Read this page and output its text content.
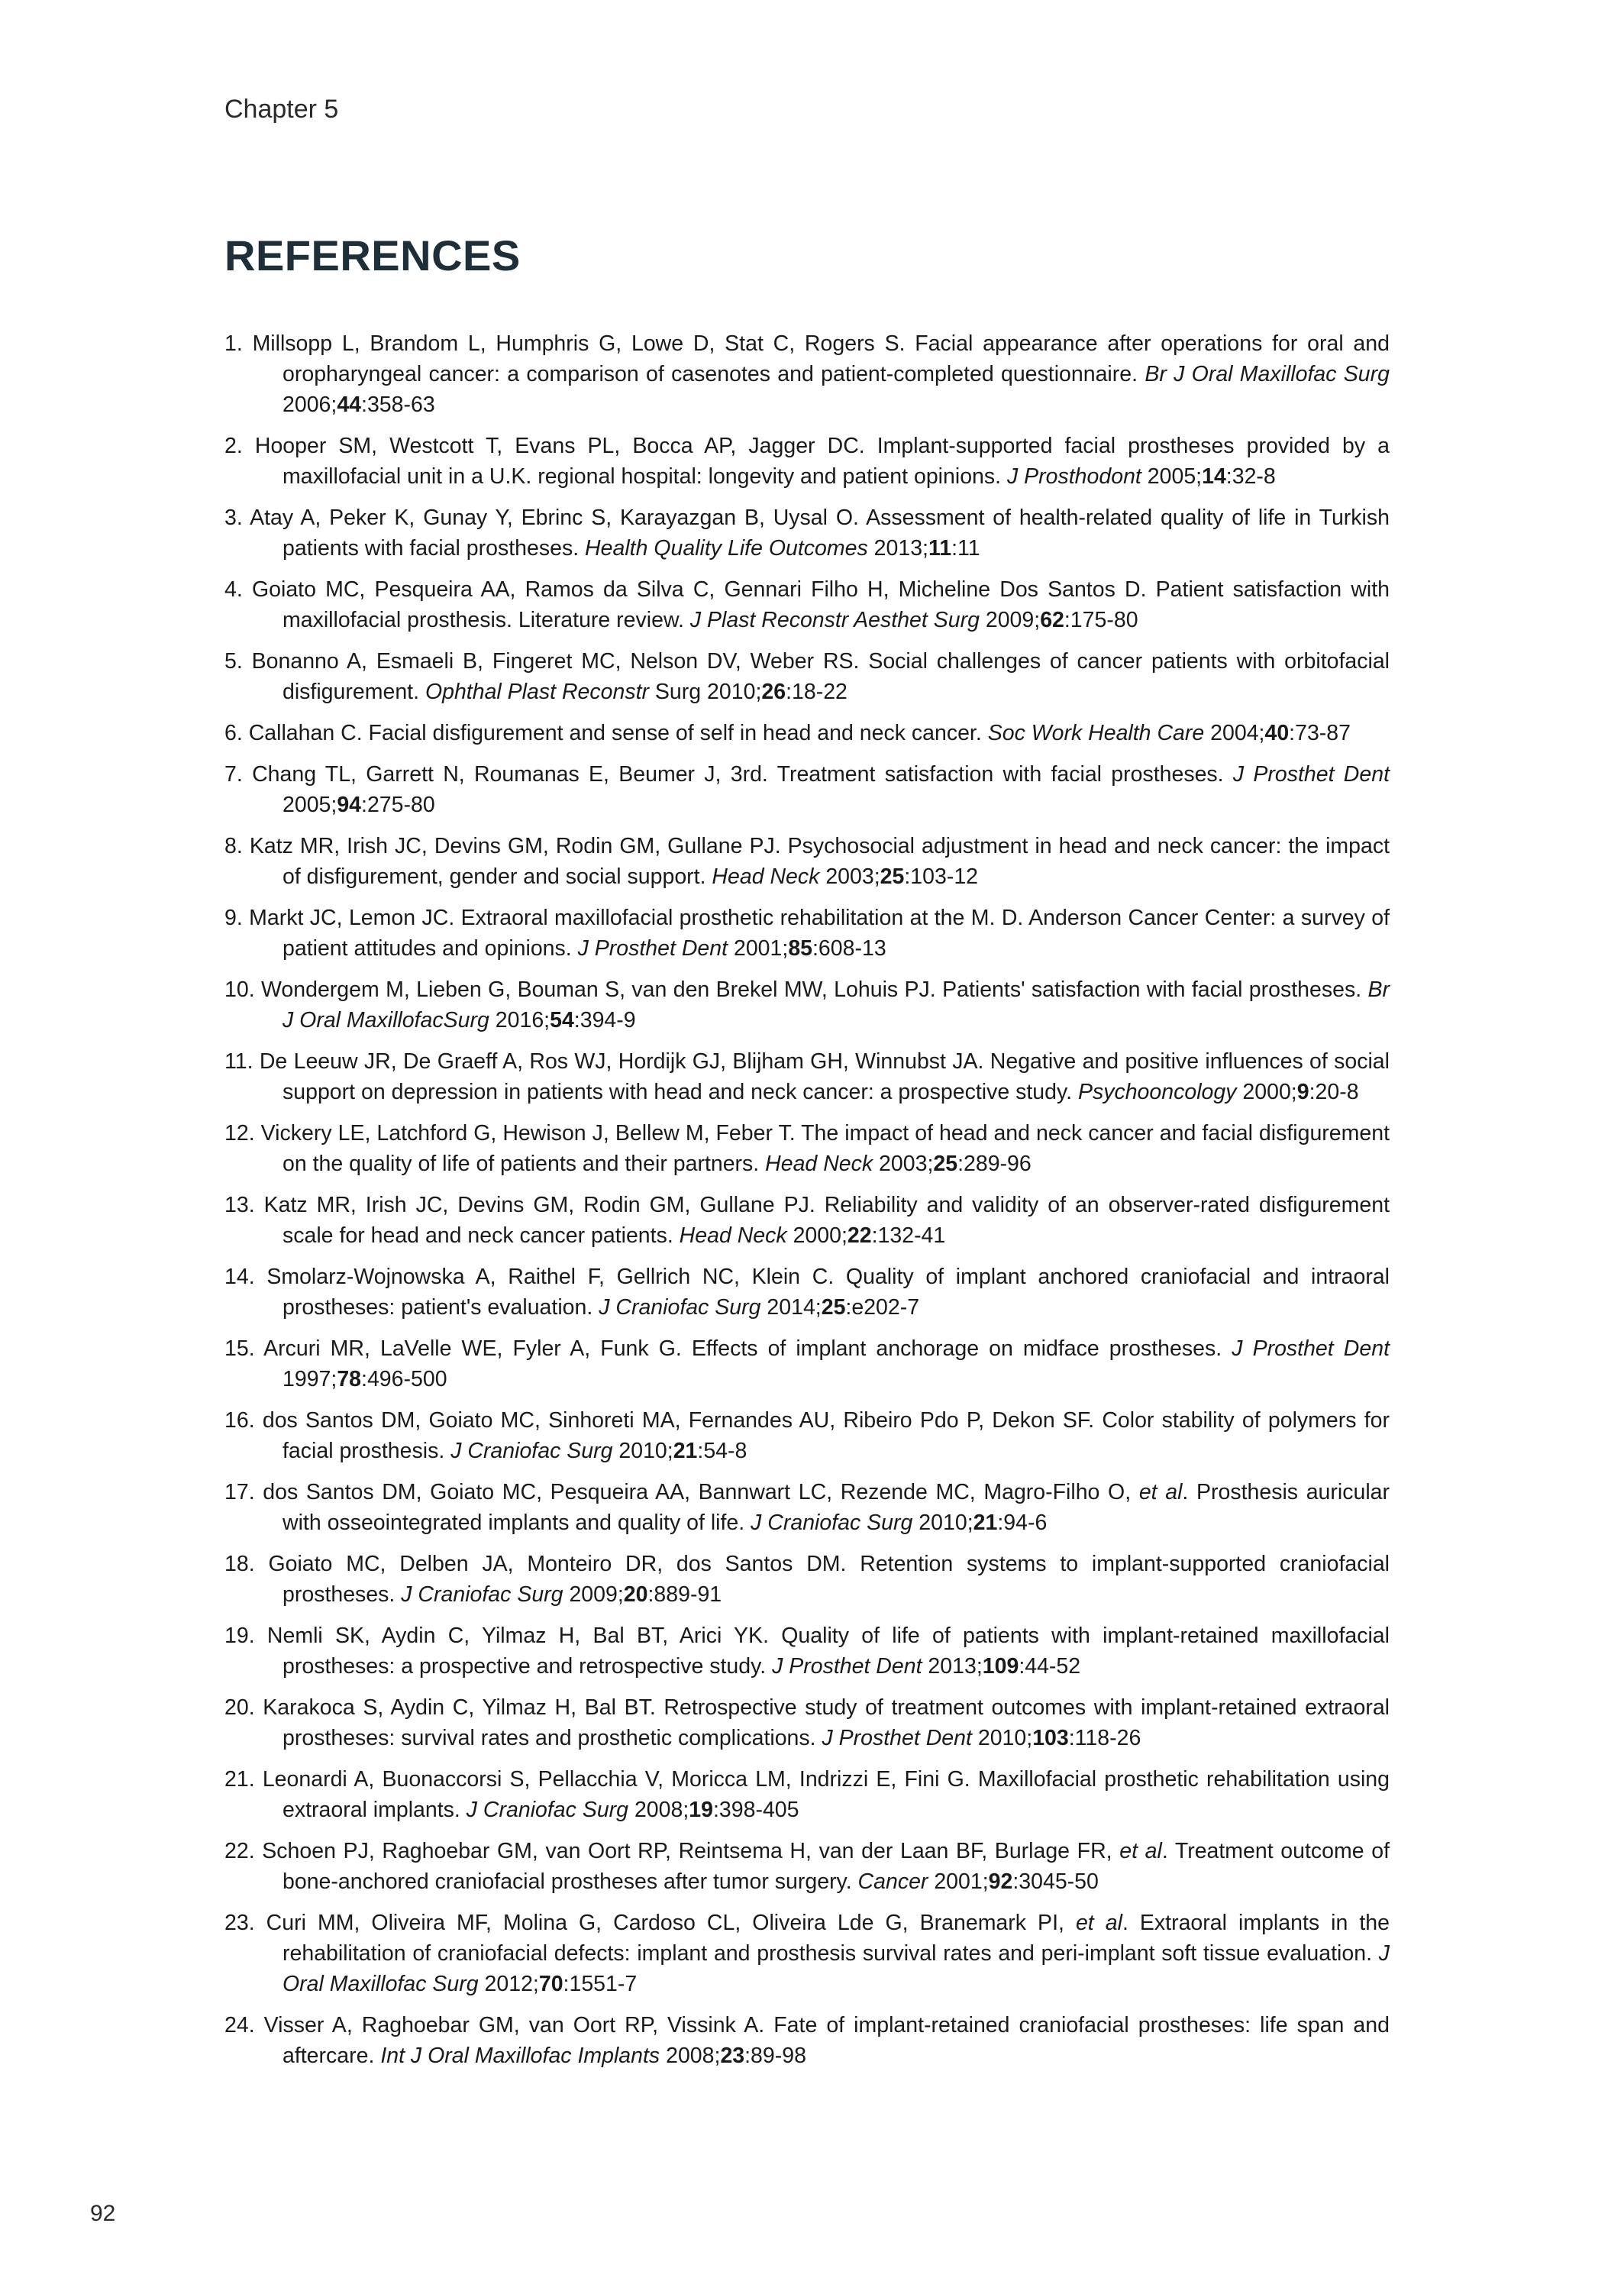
Chapter 5
REFERENCES
1. Millsopp L, Brandom L, Humphris G, Lowe D, Stat C, Rogers S. Facial appearance after operations for oral and oropharyngeal cancer: a comparison of casenotes and patient-completed questionnaire. Br J Oral Maxillofac Surg 2006;44:358-63
2. Hooper SM, Westcott T, Evans PL, Bocca AP, Jagger DC. Implant-supported facial prostheses provided by a maxillofacial unit in a U.K. regional hospital: longevity and patient opinions. J Prosthodont 2005;14:32-8
3. Atay A, Peker K, Gunay Y, Ebrinc S, Karayazgan B, Uysal O. Assessment of health-related quality of life in Turkish patients with facial prostheses. Health Quality Life Outcomes 2013;11:11
4. Goiato MC, Pesqueira AA, Ramos da Silva C, Gennari Filho H, Micheline Dos Santos D. Patient satisfaction with maxillofacial prosthesis. Literature review. J Plast Reconstr Aesthet Surg 2009;62:175-80
5. Bonanno A, Esmaeli B, Fingeret MC, Nelson DV, Weber RS. Social challenges of cancer patients with orbitofacial disfigurement. Ophthal Plast Reconstr Surg 2010;26:18-22
6. Callahan C. Facial disfigurement and sense of self in head and neck cancer. Soc Work Health Care 2004;40:73-87
7. Chang TL, Garrett N, Roumanas E, Beumer J, 3rd. Treatment satisfaction with facial prostheses. J Prosthet Dent 2005;94:275-80
8. Katz MR, Irish JC, Devins GM, Rodin GM, Gullane PJ. Psychosocial adjustment in head and neck cancer: the impact of disfigurement, gender and social support. Head Neck 2003;25:103-12
9. Markt JC, Lemon JC. Extraoral maxillofacial prosthetic rehabilitation at the M. D. Anderson Cancer Center: a survey of patient attitudes and opinions. J Prosthet Dent 2001;85:608-13
10. Wondergem M, Lieben G, Bouman S, van den Brekel MW, Lohuis PJ. Patients' satisfaction with facial prostheses. Br J Oral MaxillofacSurg 2016;54:394-9
11. De Leeuw JR, De Graeff A, Ros WJ, Hordijk GJ, Blijham GH, Winnubst JA. Negative and positive influences of social support on depression in patients with head and neck cancer: a prospective study. Psychooncology 2000;9:20-8
12. Vickery LE, Latchford G, Hewison J, Bellew M, Feber T. The impact of head and neck cancer and facial disfigurement on the quality of life of patients and their partners. Head Neck 2003;25:289-96
13. Katz MR, Irish JC, Devins GM, Rodin GM, Gullane PJ. Reliability and validity of an observer-rated disfigurement scale for head and neck cancer patients. Head Neck 2000;22:132-41
14. Smolarz-Wojnowska A, Raithel F, Gellrich NC, Klein C. Quality of implant anchored craniofacial and intraoral prostheses: patient's evaluation. J Craniofac Surg 2014;25:e202-7
15. Arcuri MR, LaVelle WE, Fyler A, Funk G. Effects of implant anchorage on midface prostheses. J Prosthet Dent 1997;78:496-500
16. dos Santos DM, Goiato MC, Sinhoreti MA, Fernandes AU, Ribeiro Pdo P, Dekon SF. Color stability of polymers for facial prosthesis. J Craniofac Surg 2010;21:54-8
17. dos Santos DM, Goiato MC, Pesqueira AA, Bannwart LC, Rezende MC, Magro-Filho O, et al. Prosthesis auricular with osseointegrated implants and quality of life. J Craniofac Surg 2010;21:94-6
18. Goiato MC, Delben JA, Monteiro DR, dos Santos DM. Retention systems to implant-supported craniofacial prostheses. J Craniofac Surg 2009;20:889-91
19. Nemli SK, Aydin C, Yilmaz H, Bal BT, Arici YK. Quality of life of patients with implant-retained maxillofacial prostheses: a prospective and retrospective study. J Prosthet Dent 2013;109:44-52
20. Karakoca S, Aydin C, Yilmaz H, Bal BT. Retrospective study of treatment outcomes with implant-retained extraoral prostheses: survival rates and prosthetic complications. J Prosthet Dent 2010;103:118-26
21. Leonardi A, Buonaccorsi S, Pellacchia V, Moricca LM, Indrizzi E, Fini G. Maxillofacial prosthetic rehabilitation using extraoral implants. J Craniofac Surg 2008;19:398-405
22. Schoen PJ, Raghoebar GM, van Oort RP, Reintsema H, van der Laan BF, Burlage FR, et al. Treatment outcome of bone-anchored craniofacial prostheses after tumor surgery. Cancer 2001;92:3045-50
23. Curi MM, Oliveira MF, Molina G, Cardoso CL, Oliveira Lde G, Branemark PI, et al. Extraoral implants in the rehabilitation of craniofacial defects: implant and prosthesis survival rates and peri-implant soft tissue evaluation. J Oral Maxillofac Surg 2012;70:1551-7
24. Visser A, Raghoebar GM, van Oort RP, Vissink A. Fate of implant-retained craniofacial prostheses: life span and aftercare. Int J Oral Maxillofac Implants 2008;23:89-98
92
